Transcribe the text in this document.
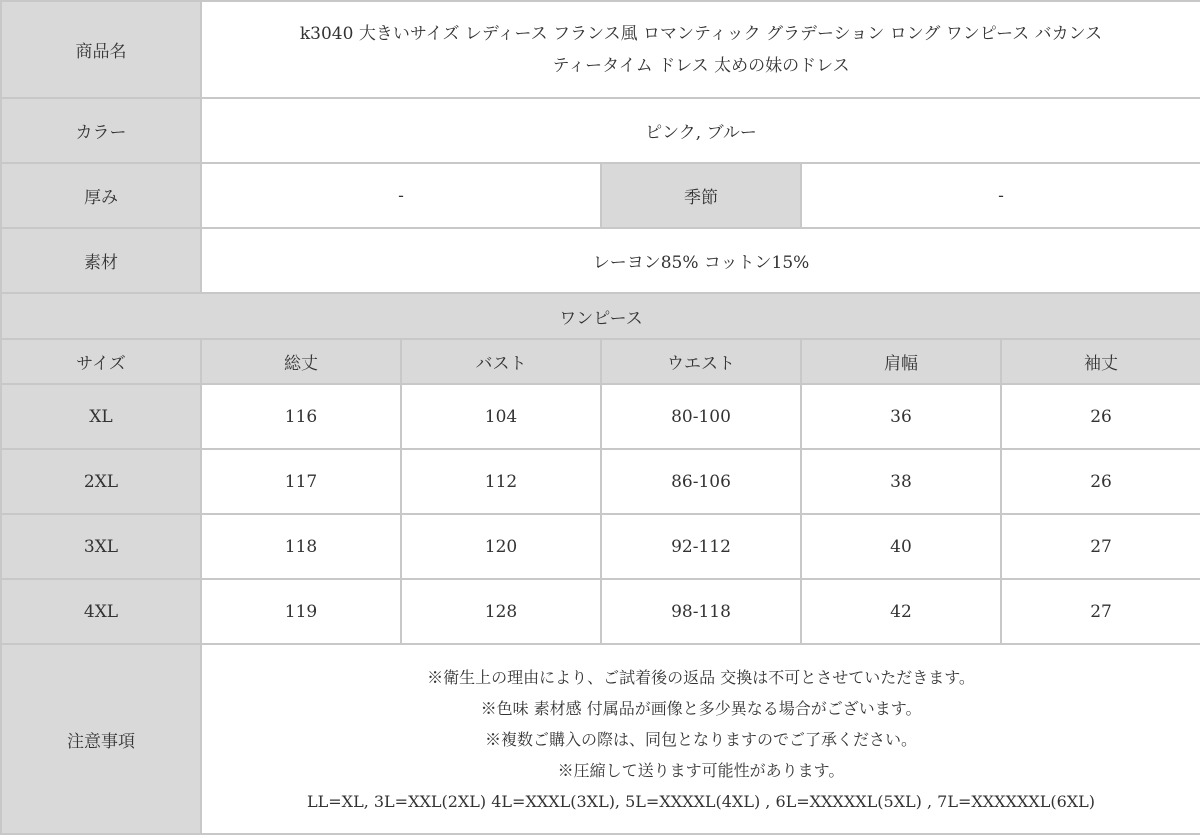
商品名	k3040 大きいサイズ レディース フランス風 ロマンティック グラデーション ロング ワンピース バカンス
ティータイム ドレス 太めの妹のドレス				

カラー	ピンク, ブルー				
厚み	-		季節	-	
素材	レーヨン85% コットン15%				
ワンピース					
サイズ	総丈	バスト	ウエスト	肩幅	袖丈
XL	116	104	80-100	36	26
2XL	117	112	86-106	38	26
3XL	118	120	92-112	40	27
4XL	119	128	98-118	42	27
注意事項	※衛生上の理由により、ご試着後の返品 交換は不可とさせていただきます。
※色味 素材感 付属品が画像と多少異なる場合がございます。
※複数ご購入の際は、同包となりますのでご了承ください。
※圧縮して送ります可能性があります。
LL=XL, 3L=XXL(2XL) 4L=XXXL(3XL), 5L=XXXXL(4XL) , 6L=XXXXXL(5XL) , 7L=XXXXXXL(6XL)				
